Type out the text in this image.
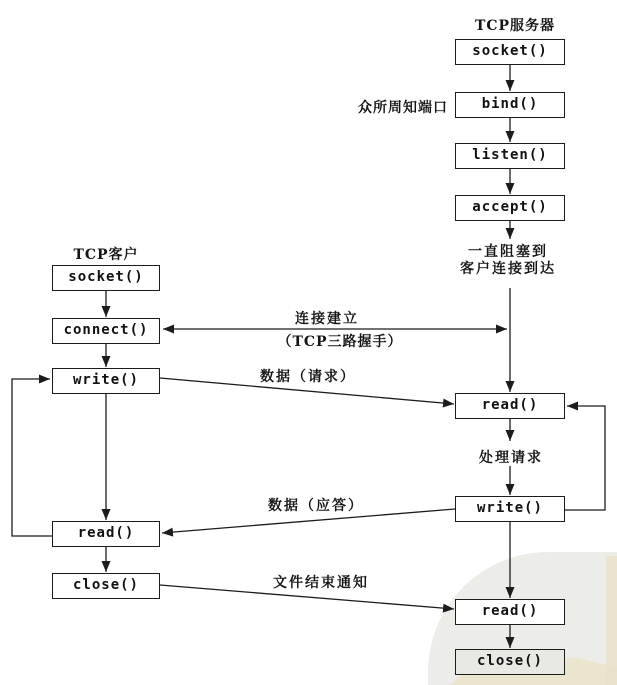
TCP服务器
TCP客户
socket()
bind()
listen()
accept()
read()
write()
read()
close()
socket()
connect()
write()
read()
close()
众所周知端口
一直阻塞到
客户连接到达
连接建立
（TCP三路握手）
数据（请求）
处理请求
数据（应答）
文件结束通知
